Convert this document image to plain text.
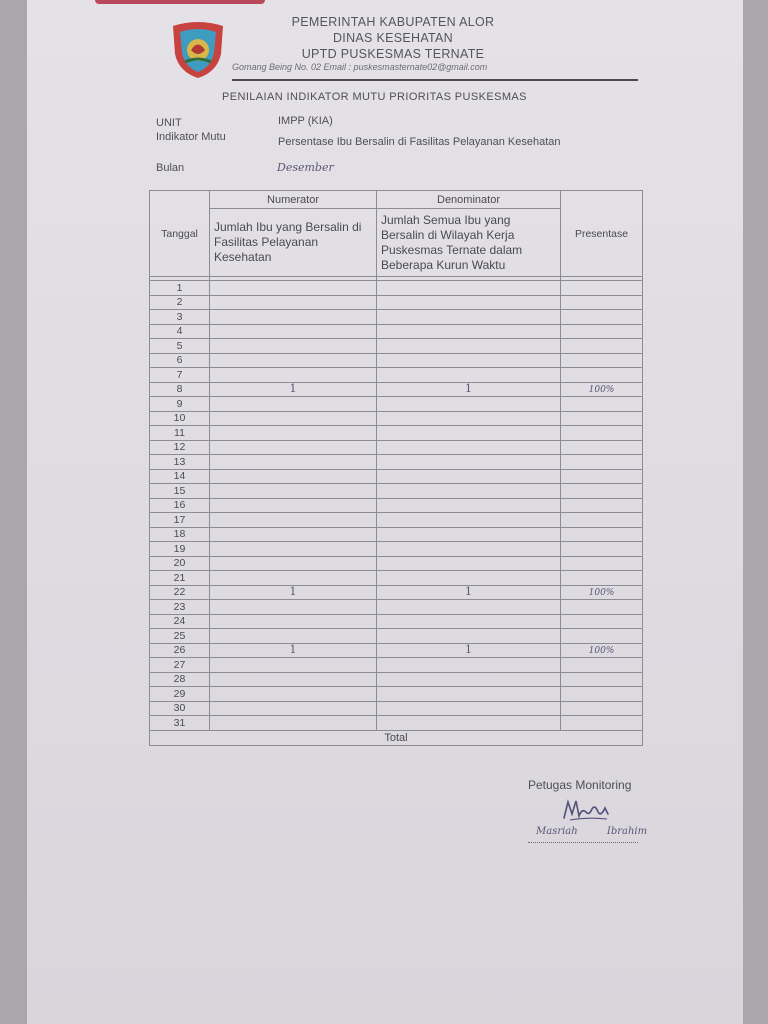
PEMERINTAH KABUPATEN ALOR
DINAS KESEHATAN
UPTD PUSKESMAS TERNATE
Gomang Being No. 02 Email : puskesmasternate02@gmail.com
PENILAIAN INDIKATOR MUTU PRIORITAS PUSKESMAS
UNIT	IMPP (KIA)
Indikator Mutu	Persentase Ibu Bersalin di Fasilitas Pelayanan Kesehatan
Bulan	Desember
Tanggal	Numerator	Denominator	Presentase
	Jumlah Ibu yang Bersalin di Fasilitas Pelayanan Kesehatan	Jumlah Semua Ibu yang Bersalin di Wilayah Kerja Puskesmas Ternate dalam Beberapa Kurun Waktu	

1			
2			
3			
4			
5			
6			
7			
8	1	1	100%
9			
10			
11			
12			
13			
14			
15			
16			
17			
18			
19			
20			
21			
22	1	1	100%
23			
24			
25			
26	1	1	100%
27			
28			
29			
30			
31			
Total			
Petugas Monitoring
Masriah Ibrahim
